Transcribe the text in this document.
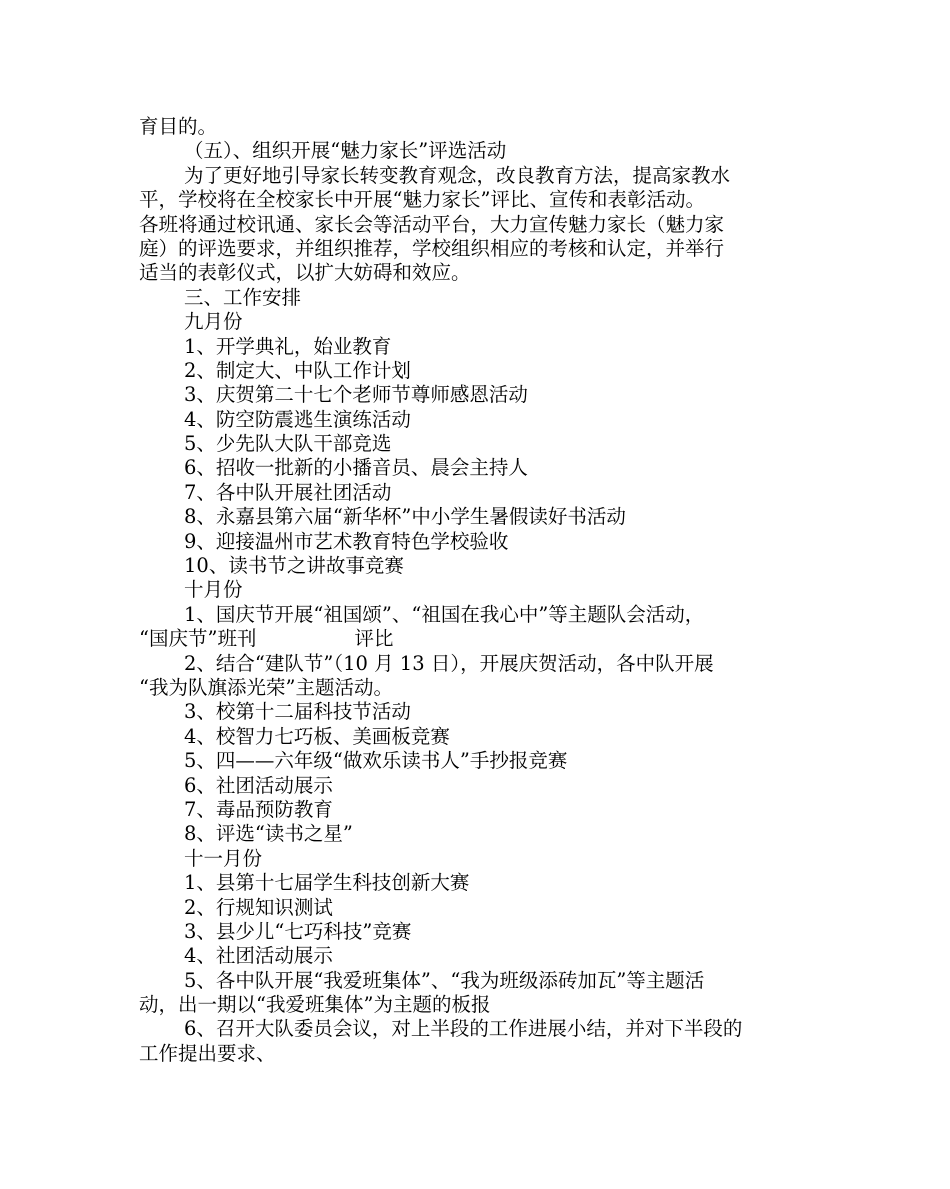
育目的。
（五）、组织开展“魅力家长”评选活动
为了更好地引导家长转变教育观念，改良教育方法，提高家教水
平，学校将在全校家长中开展“魅力家长”评比、宣传和表彰活动。
各班将通过校讯通、家长会等活动平台，大力宣传魅力家长（魅力家
庭）的评选要求，并组织推荐，学校组织相应的考核和认定，并举行
适当的表彰仪式，以扩大妨碍和效应。
三、工作安排
九月份
1、开学典礼，始业教育
2、制定大、中队工作计划
3、庆贺第二十七个老师节尊师感恩活动
4、防空防震逃生演练活动
5、少先队大队干部竞选
6、招收一批新的小播音员、晨会主持人
7、各中队开展社团活动
8、永嘉县第六届“新华杯”中小学生暑假读好书活动
9、迎接温州市艺术教育特色学校验收
10、读书节之讲故事竞赛
十月份
1、国庆节开展“祖国颂”、“祖国在我心中”等主题队会活动，
“国庆节”班刊	评比
2、结合“建队节”（10 月 13 日），开展庆贺活动，各中队开展
“我为队旗添光荣”主题活动。
3、校第十二届科技节活动
4、校智力七巧板、美画板竞赛
5、四——六年级“做欢乐读书人”手抄报竞赛
6、社团活动展示
7、毒品预防教育
8、评选“读书之星”
十一月份
1、县第十七届学生科技创新大赛
2、行规知识测试
3、县少儿“七巧科技”竞赛
4、社团活动展示
5、各中队开展“我爱班集体”、“我为班级添砖加瓦”等主题活
动，出一期以“我爱班集体”为主题的板报
6、召开大队委员会议，对上半段的工作进展小结，并对下半段的
工作提出要求、
